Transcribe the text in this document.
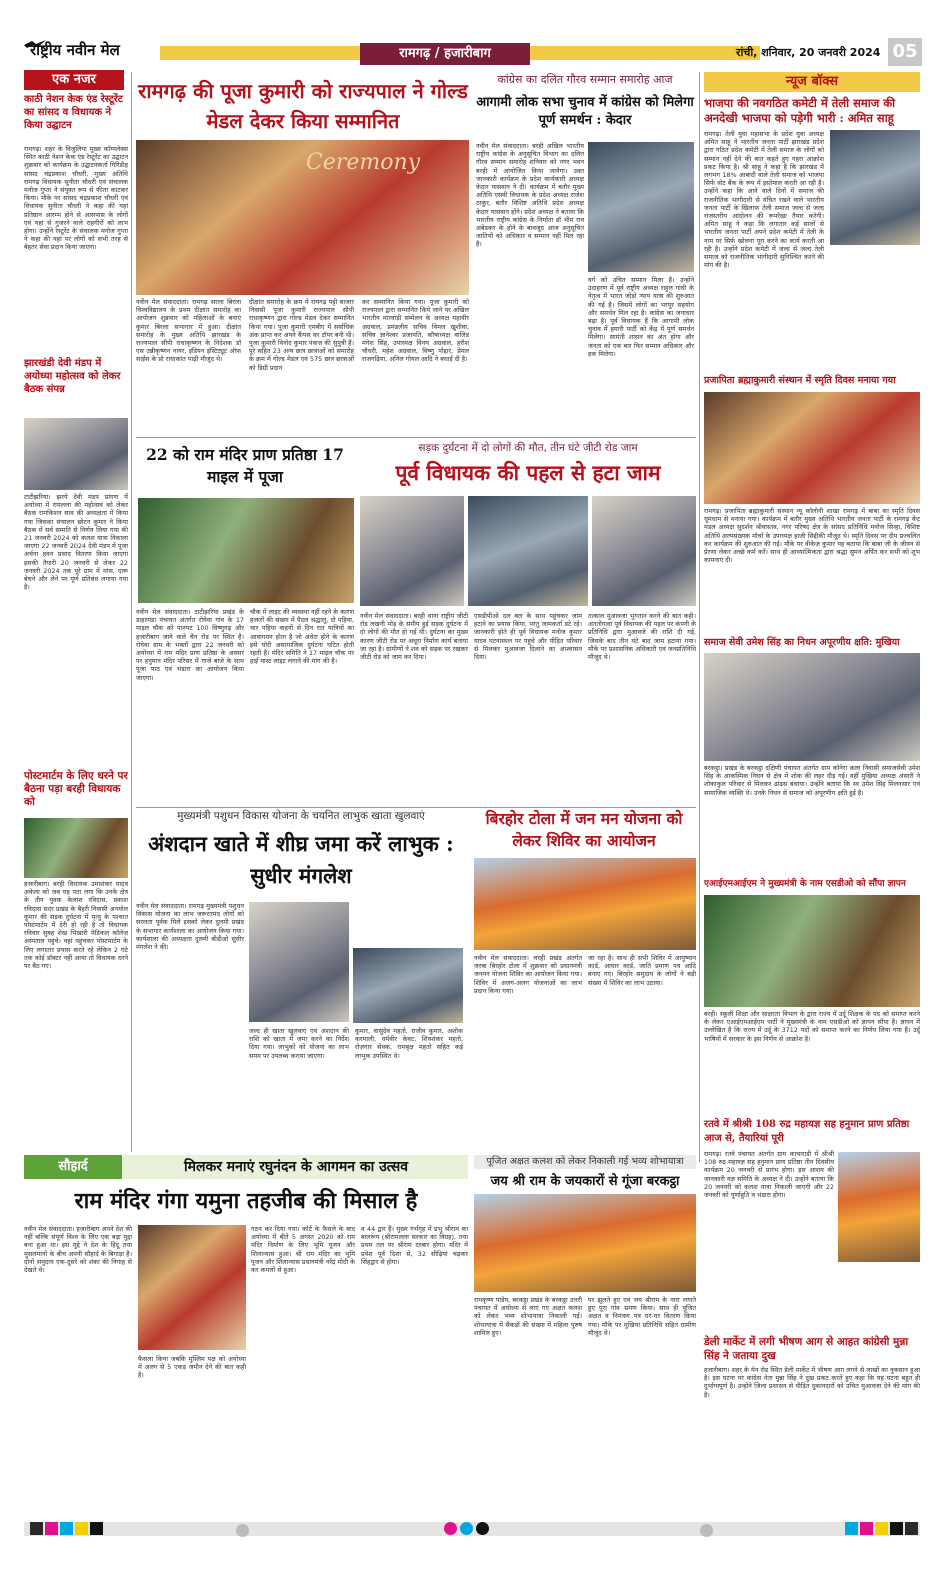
राष्ट्रीय नवीन मेल	रामगढ़ / हजारीबाग	रांची, शनिवार, 20 जनवरी 2024 05
एक नजर
काठी नेशन केक एंड रेस्टूरेंट का सांसद व विधायक ने किया उद्घाटन
रामगढ़। शहर के विजुलिया मुख्य कॉम्पलेक्स स्थित काठी नेशन केक एंड रेस्टूरेंट का उद्घाटन शुक्रवार को कार्यक्रम के उद्घाटनकर्ता गिरिडीह सांसद चंद्रप्रकाश चौधरी, मुख्य अतिथि रामगढ़ विधायक सुनीता चौधरी एवं संचालक मनोज गुप्ता ने संयुक्त रूप से फीता काटकर किया। मौके पर सांसद चंद्रप्रकाश चौधरी एवं विधायक सुनीता चौधरी ने कहा की यहां प्रतिष्ठान आरम्भ होने से आसपास के लोगों एवं यहां से गुजरने वाले राहगीरों को लाभ होगा। उन्होंने रेस्टूरेंट के संचालक मनोज गुप्ता ने कहा की यहां पर लोगों को सभी तरह से बेहतर सेवा प्रदान किया जाएगा।
झारखंडी देवी मंडप में अयोध्या महोत्सव को लेकर बैठक संपन्न
टाटीझरिया। झरपे देवी मंडप प्रांगण में अयोध्या में रामलला की महोत्सव को लेकर बैठक रामकिशन साव की अध्यक्षता में किया गया जिसका संचालन छोटन कुमार ने किया बैठक में सर्व सम्मति से निर्णय लिया गया की 21 जनवरी 2024 को कलश यात्रा निकाला जाएगा 22 जनवरी 2024 देवी मंडप में पूजा अर्चना हवन प्रसाद वितरण किया जाएगा इसकी तैयारी 20 जनवरी से लेकर 22 जनवरी 2024 तक पूरे ग्राम में मांस, दारू बेचने और लेने पर पूर्ण प्रतिबंध लगाया गया है।
पोस्टमार्टम के लिए धरने पर बैठना पड़ा बरही विधायक को
हजारीबाग। बरही विधायक उमाशंकर यादव अकेला को जब यह पता लगा कि उनके क्षेत्र के तीन युवक केलाश रविदास, प्रकाश रविदास सदर प्रखंड के बैहरी निवासी अनमोल कुमार की सड़क दुर्घटना में मृत्यु के पश्चात पोस्टमार्टम में देरी हो रही है तो विधायक रविवार सुबह शेख भिखारी मेडिकल कॉलेज अस्पताल पहुंचे। वहां पहुंचकर पोस्टमार्टम के लिए लगातार प्रयास करते रहे लेकिन 2 घंटे तक कोई डॉक्टर नहीं आया तो विधायक धरने पर बैठ गए।
रामगढ़ की पूजा कुमारी को राज्यपाल ने गोल्ड मेडल देकर किया सम्मानित
Ceremony
नवीन मेल संवाददाता। रामगढ़ सरला बिरला विश्वविद्यालय के प्रथम दीक्षांत समारोह का आयोजन शुक्रवार को महिलाओं के बनाएं कुमार बिरला सभागार में हुआ। दीक्षांत समारोह के मुख्य अतिथि झारखंड के राज्यपाल सीपी राधाकृष्णन के निदेशक डॉ एस उन्नीकृष्णन नायर, इंडियन इंस्टिट्यूट ऑफ साईंस के प्रो राधाकांत पाढ़ी मौजूद थे।
दीक्षांत समारोह के क्रम में रामगढ़ पट्टी बाजार निवासी पूजा कुमारी राज्यपाल सीपी राधाकृष्णन द्वारा गोल्ड मेडल देकर सम्मानित किया गया। पूजा कुमारी एमबीए में सर्वाधिक अंक प्राप्त कर अपने कैंपस का टॉपर बनी थी। पूजा कुमारी विनोद कुमार पंकज की सुपुत्री हैं। पूरे सहित 23 अन्य छात्र छात्राओं को समारोह के क्रम में गोल्ड मेडल एवं 575 छात्र छात्राओं को डिग्री प्रदान
कर सम्मानित किया गया। पूजा कुमारी को राज्यपाल द्वारा सम्मानित किये जाने पर अखिल भारतीय मारवाड़ी सम्मेलन के अध्यक्ष महावीर अग्रवाल, प्रमंडलीय सचिव विमल खुशीवा, सचिव ज्ञानेश्वर प्रजापति, कौषाध्यक्ष वालिड मंगेश सिंह, उपाध्यक्ष विनय अग्रवाल, हरीश चौधरी, महेश अग्रवाल, विष्णु पोद्दार, प्रेमल राजगढ़िया, अनिल गोयल आदि ने बधाई दी है।
कांग्रेस का दलित गौरव सम्मान समारोह आज
आगामी लोक सभा चुनाव में कांग्रेस को मिलेगा पूर्ण समर्थन : केदार
नवीन मेल संवाददाता। बरही अखिल भारतीय राष्ट्रीय कांग्रेस के अनुसूचित विभाग का दलित गौरव सम्मान समारोह शनिवार को नगर भवन बरही में आयोजित किया जायेगा। उक्त जानकारी कार्यक्रम के प्रदेश कार्यकारी अध्यक्ष केदार पासवान ने दी। कार्यक्रम में बतौर मुख्य अतिथि एसवी विधायक के प्रदेश अध्यक्ष राजेश ठाकुर, बतौर विशिष्ट अतिथि प्रदेश अध्यक्ष केदार पासवान होंगे। प्रदेश अध्यक्ष ने बताया कि भारतीय राष्ट्रीय कांग्रेस के निर्माता डॉ भीम राव अंबेडकर के होने के बावजूद आज अनुसूचित जातियों को अधिकार व सम्मान नहीं मिल रहा है।
वर्ग को उचित सम्मान मिला है। उन्होंने उदाहरण में पूर्व राष्ट्रीय अध्यक्ष राहुल गांधी के नेतृत्व में भारत जोड़ो न्याय यात्रा की शुरुआत की गई है। जिसमें लोगों का भरपूर सहयोग और समर्थन मिल रहा है। कांग्रेस का जनाधार बढ़ा है। पूर्व विधायक हैं कि आगामी लोक चुनाव में हमारी पार्टी को केंद्र में पूर्ण समर्थन मिलेगा। सामंती शासन का अंत होगा और जनता को एक बार फिर सम्मान अधिकार और हक मिलेगा।
न्यूज बॉक्स
भाजपा की नवगठित कमेटी में तेली समाज की अनदेखी भाजपा को पड़ेगी भारी : अमित साहू
रामगढ़। तेली युवा महासभा के प्रदेश युवा अध्यक्ष अमित साहू ने भारतीय जनता पार्टी झारखंड प्रदेश द्वारा गठित प्रदेश कमेटी में तेली समाज के लोगों को सम्मान नहीं देने की बात कहते हुए गहरा आक्रोश प्रकट किया है। श्री साहू ने कहा है कि झारखंड में लगभग 18% आबादी वाले तेली समाज को भाजपा सिर्फ वोट बैंक के रूप में इस्तेमाल करती आ रही है। उन्होंने कहा कि आने वाले दिनों में समाज की राजनीतिक भागीदारी से वंचित रखने वाले भारतीय जनता पार्टी के खिलाफ तेली समाज जल्द से जल्द राजस्तरीय आंदोलन की रूपरेखा तैयार करेगी। अमित साहू ने कहा कि लगातार कई सालों से भारतीय जनता पार्टी अपने प्रदेश कमेटी में तेली के नाम पर सिर्फ खोलना पूरा करने का कार्य करती आ रही है। उन्होंने प्रदेश कमेटी में जल्द से जल्द तेली समाज को राजनीतिक भागीदारी सुनिश्चित करने की मांग की है।
प्रजापिता ब्रह्माकुमारी संस्थान में स्मृति दिवस मनाया गया
रामगढ़। प्रजापिता ब्रह्माकुमारी संस्थान न्यू कॉलोनी शाखा रामगढ़ में बाबा का स्मृति दिवस धूमधाम से मनाया गया। कार्यक्रम में बतौर मुख्य अतिथि भारतीय जनता पार्टी के रामगढ़ केंट मंडल अध्यक्ष सुदर्शन श्रीवास्तव, नगर परिषद क्षेत्र के सांसद प्रतिनिधि मनोज सिन्हा, विशिष्ट अतिथि अल्पसंख्यक मोर्चा के उपाध्यक्ष हाजी सिद्दीकी मौजूद थे। स्मृति दिवस पर दीप प्रज्वलित कर कार्यक्रम की शुरुआत की गई। मौके पर वीकेज़ कुमार यह बताया कि बाबा जी के जीवन से प्रेरणा लेकर अच्छे कर्म करें। साथ ही आध्यात्मिकता द्वारा श्रद्धा सुमन अर्पित कर सभी को शुभ कामनाएं दी।
समाज सेवी उमेश सिंह का निधन अपूरणीय क्षति: मुखिया
बरकट्ठा। प्रखंड के बरकट्ठा दक्षिणी पंचायत अंतर्गत ग्राम कोनेरा कला निवासी समाजसेवी उमेश सिंह के आकस्मिक निधन से क्षेत्र में शोक की लहर दौड़ गई। वहीं मुखिया अध्यक्ष अंसारी ने शोकाकुल परिवार से मिलकर ढांढस बंधाया। उन्होंने बताया कि स्व उमेश सिंह मिलनसार एवं सामाजिक व्यक्ति थे। उनके निधन से समाज को अपूरणीय क्षति हुई है।
एआईएमआईएम ने मुख्यमंत्री के नाम एसडीओ को सौंपा ज्ञापन
बरही। स्कूली शिक्षा और साक्षरता विभाग के द्वारा राज्य में उर्दू शिक्षक के पद को समाप्त करने के लेकर एआईएमआईएम पार्टी ने मुख्यमंत्री के नाम एसडीओ को ज्ञापन सौंपा है। ज्ञापन में उल्लेखित है कि राज्य में उर्दू के 3712 पदों को समाप्त करने का निर्णय लिया गया है। उर्दू भाषियों में सरकार के इस निर्णय से आक्रोश है।
22 को राम मंदिर प्राण प्रतिष्ठा 17 माइल में पूजा
नवीन मेल संवाददाता। टाटीझरिया प्रखंड के डाहरमंडा पंचायत अंतर्गत रोयेवा गांव के 17 माइल चौक को पानपट 100 विष्णुगढ़ और हजारीबाग जाने वाले चैन रोड पर स्थित है। रोयेवा ग्राम के भक्तों द्वारा 22 जनवरी को अयोध्या में राम मंदिर प्राण प्रतिष्ठा के अवसर पर हनुमान मंदिर परिसर में गाजे बाजे के साथ पूजा पाठ एवं भंडारा का आयोजन किया जाएगा।
चौक में लाइट की व्यवस्था नहीं रहने के कारण हजारों की संख्या में पैदल श्रद्धालु, दो पहिया, चार पहिया वाहनों से दिन रात यात्रियों का आवागमन होता है जो अंधेरा होने के कारण इसे घोरी असामाजिक दुर्घटना घटित होती रहती है। मंदिर समिति ने 17 माइल चौक पर हाई मास्ट लाइट लगाने की मांग की है।
सड़क दुर्घटना में दो लोगों की मौत, तीन घंटे जीटी रोड जाम
पूर्व विधायक की पहल से हटा जाम
नवीन मेल संवाददाता। बरही थाना राष्ट्रीय जीटी रोड लखनी मोड़ के समीप हुई सड़क दुर्घटना में दो लोगों की मौत हो गई थी। दुर्घटना का मुख्य कारण जीटी रोड पर अधूरा निर्माण कार्य बताया जा रहा है। ग्रामीणों ने शव को सड़क पर रखकर जीटी रोड को जाम कर दिया।
एसडीपीओ दल बल के साथ पहुंचकर जाम हटाने का प्रयास किया, परंतु जामकर्ता डटे रहे। जानकारी होते ही पूर्व विधायक मनोज कुमार यादव घटनास्थल पर पहुंचे और पीड़ित परिवार से मिलकर मुआवजा दिलाने का आश्वासन दिया।
तत्काल मुआवजा भुगतान करने की बात कही। अंततोगत्वा पूर्व विधायक की पहल पर कंपनी के प्रतिनिधि द्वारा मुआवजे की राशि दी गई, जिसके बाद तीन घंटे बाद जाम हटाया गया। मौके पर प्रशासनिक अधिकारी एवं जनप्रतिनिधि मौजूद थे।
मुख्यमंत्री पशुधन विकास योजना के चयनित लाभुक खाता खुलवाएं
अंशदान खाते में शीघ्र जमा करें लाभुक : सुधीर मंगलेश
नवीन मेल संवाददाता। रामगढ़ मुख्यमंत्री पशुधन विकास योजना का लाभ जरूरतमंद लोगों को सरलता पूर्वक मिले इसको लेकर दुलमी प्रखंड के सभागार कार्यशाला का आयोजन किया गया। कार्यशाला की अध्यक्षता दुलमी बीडीओ सुधीर मंगलेश ने की।
जल्द ही खाता खुलवाएं एवं अंशदान की राशि को खाता में जमा करने का निर्देश दिया गया। लाभुकों को योजना का लाभ समय पर उपलब्ध कराया जाएगा।
कुमार, वासुदेव महतो, राजीव कुमार, अशोक करमाली, धर्मवीर केवट, शिवशंकर महतो, रोज़गार सेवक, रामबृक्ष महतो सहित कई लाभुक उपस्थित थे।
बिरहोर टोला में जन मन योजना को लेकर शिविर का आयोजन
नवीन मेल संवाददाता। चरही प्रखंड अंतर्गत जरबा बिरहोर टोला में शुक्रवार को प्रधानमंत्री जनमन योजना शिविर का आयोजन किया गया। शिविर में अलग-अलग योजनाओं का लाभ प्रदान किया गया।
जा रहा है। साथ ही सभी शिविर में आयुष्मान कार्ड, आधार कार्ड, जाति प्रमाण पत्र आदि बनाए गए। बिरहोर समुदाय के लोगों ने बड़ी संख्या में शिविर का लाभ उठाया।
सौहार्द	मिलकर मनाएं रघुनंदन के आगमन का उत्सव
राम मंदिर गंगा यमुना तहजीब की मिसाल है
नवीन मेल संवाददाता। हजारीबाग अपने देश की नहीं बल्कि संपूर्ण विश्व के लिए एक बड़ा मुद्दा बना हुआ था। इस मुद्दे ने देश के हिंदू तथा मुसलमानों के बीच अपनी सौहार्द के बिगाड़ा है। दोनों समुदाय एक-दूसरे को शंका की निगाह से देखते थे।
फैसला किया जबकि मुस्लिम पक्ष को अयोध्या में अलग से 5 एकड़ जमीन देने की बात कही है।
गठन कर दिया गया। कोर्ट के फैसले के बाद अयोध्या में बीते 5 अगस्त 2020 को राम मंदिर निर्माण के लिए भूमि पूजन और शिलान्यास हुआ। श्री राम मंदिर का भूमि पूजन और शिलान्यास प्रधानमंत्री नरेंद्र मोदी के कर कमलों से हुआ।
व 44 द्वार हैं। मुख्य गर्भगृह में प्रभु श्रीराम का बालरूप (श्रीरामलला सरकार का विग्रह), तथा प्रथम तल पर श्रीराम दरबार होगा। मंदिर में प्रवेश पूर्व दिशा से, 32 सीढ़ियां चढ़कर सिंहद्वार से होगा।
पूजित अक्षत कलश को लेकर निकाली गई भव्य शोभायात्रा
जय श्री राम के जयकारों से गूंजा बरकट्ठा
रामकृष्ण पांडेय, बरकट्ठा प्रखंड के बरकट्ठा उत्तरी पंचायत में अयोध्या से लाए गए अक्षत कलश को लेकर भव्य शोभायात्रा निकाली गई। शोभायात्रा में सैकड़ों की संख्या में महिला पुरुष शामिल हुए।
पर झुलते हुए एवं जय श्रीराम के नारा लगाते हुए पूरा गांव भ्रमण किया। साथ ही पूजित अक्षत व निमंत्रण पत्र घर-घर वितरण किया गया। मौके पर मुखिया प्रतिनिधि सहित ग्रामीण मौजूद थे।
रतवे में श्रीश्री 108 रुद्र महायज्ञ सह हनुमान प्राण प्रतिष्ठा आज से, तैयारियां पूरी
रामगढ़। रतवे पंचायत अंतर्गत ग्राम काचाराडी में श्रीश्री 108 रुद्र महायज्ञ सह हनुमान प्राण प्रतिष्ठा तीन दिवसीय कार्यक्रम 20 जनवरी से प्रारंभ होगा। इस आशय की जानकारी यज्ञ समिति के अध्यक्ष ने दी। उन्होंने बताया कि 20 जनवरी को कलश यात्रा निकाली जाएगी और 22 जनवरी को पूर्णाहुति व भंडारा होगा।
डेली मार्केट में लगी भीषण आग से आहत कांग्रेसी मुन्ना सिंह ने जताया दुख
हजारीबाग। शहर के मेन रोड स्थित डेली मार्केट में भीषण आग लगने से लाखों का नुकसान हुआ है। इस घटना पर कांग्रेस नेता मुन्ना सिंह ने दुख प्रकट करते हुए कहा कि यह घटना बहुत ही दुर्भाग्यपूर्ण है। उन्होंने जिला प्रशासन से पीड़ित दुकानदारों को उचित मुआवजा देने की मांग की है।
